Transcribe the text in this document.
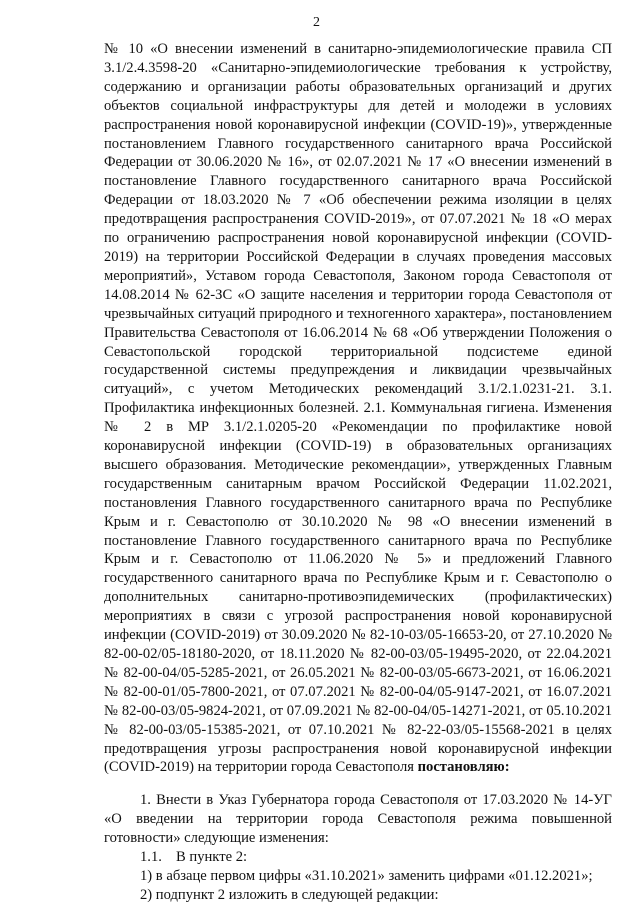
2

№ 10 «О внесении изменений в санитарно-эпидемиологические правила СП 3.1/2.4.3598-20 «Санитарно-эпидемиологические требования к устройству, содержанию и организации работы образовательных организаций и других объектов социальной инфраструктуры для детей и молодежи в условиях распространения новой коронавирусной инфекции (COVID-19)», утвержденные постановлением Главного государственного санитарного врача Российской Федерации от 30.06.2020 № 16», от 02.07.2021 № 17 «О внесении изменений в постановление Главного государственного санитарного врача Российской Федерации от 18.03.2020 № 7 «Об обеспечении режима изоляции в целях предотвращения распространения COVID-2019», от 07.07.2021 № 18 «О мерах по ограничению распространения новой коронавирусной инфекции (COVID-2019) на территории Российской Федерации в случаях проведения массовых мероприятий», Уставом города Севастополя, Законом города Севастополя от 14.08.2014 № 62-ЗС «О защите населения и территории города Севастополя от чрезвычайных ситуаций природного и техногенного характера», постановлением Правительства Севастополя от 16.06.2014 № 68 «Об утверждении Положения о Севастопольской городской территориальной подсистеме единой государственной системы предупреждения и ликвидации чрезвычайных ситуаций», с учетом Методических рекомендаций 3.1/2.1.0231-21. 3.1. Профилактика инфекционных болезней. 2.1. Коммунальная гигиена. Изменения № 2 в МР 3.1/2.1.0205-20 «Рекомендации по профилактике новой коронавирусной инфекции (COVID-19) в образовательных организациях высшего образования. Методические рекомендации», утвержденных Главным государственным санитарным врачом Российской Федерации 11.02.2021, постановления Главного государственного санитарного врача по Республике Крым и г. Севастополю от 30.10.2020 № 98 «О внесении изменений в постановление Главного государственного санитарного врача по Республике Крым и г. Севастополю от 11.06.2020 № 5» и предложений Главного государственного санитарного врача по Республике Крым и г. Севастополю о дополнительных санитарно-противоэпидемических (профилактических) мероприятиях в связи с угрозой распространения новой коронавирусной инфекции (COVID-2019) от 30.09.2020 № 82-10-03/05-16653-20, от 27.10.2020 № 82-00-02/05-18180-2020, от 18.11.2020 № 82-00-03/05-19495-2020, от 22.04.2021 № 82-00-04/05-5285-2021, от 26.05.2021 № 82-00-03/05-6673-2021, от 16.06.2021 № 82-00-01/05-7800-2021, от 07.07.2021 № 82-00-04/05-9147-2021, от 16.07.2021 № 82-00-03/05-9824-2021, от 07.09.2021 № 82-00-04/05-14271-2021, от 05.10.2021 № 82-00-03/05-15385-2021, от 07.10.2021 № 82-22-03/05-15568-2021 в целях предотвращения угрозы распространения новой коронавирусной инфекции (COVID-2019) на территории города Севастополя постановляю:

1. Внести в Указ Губернатора города Севастополя от 17.03.2020 № 14-УГ «О введении на территории города Севастополя режима повышенной готовности» следующие изменения:

1.1. В пункте 2:

1) в абзаце первом цифры «31.10.2021» заменить цифрами «01.12.2021»;

2) подпункт 2 изложить в следующей редакции:
